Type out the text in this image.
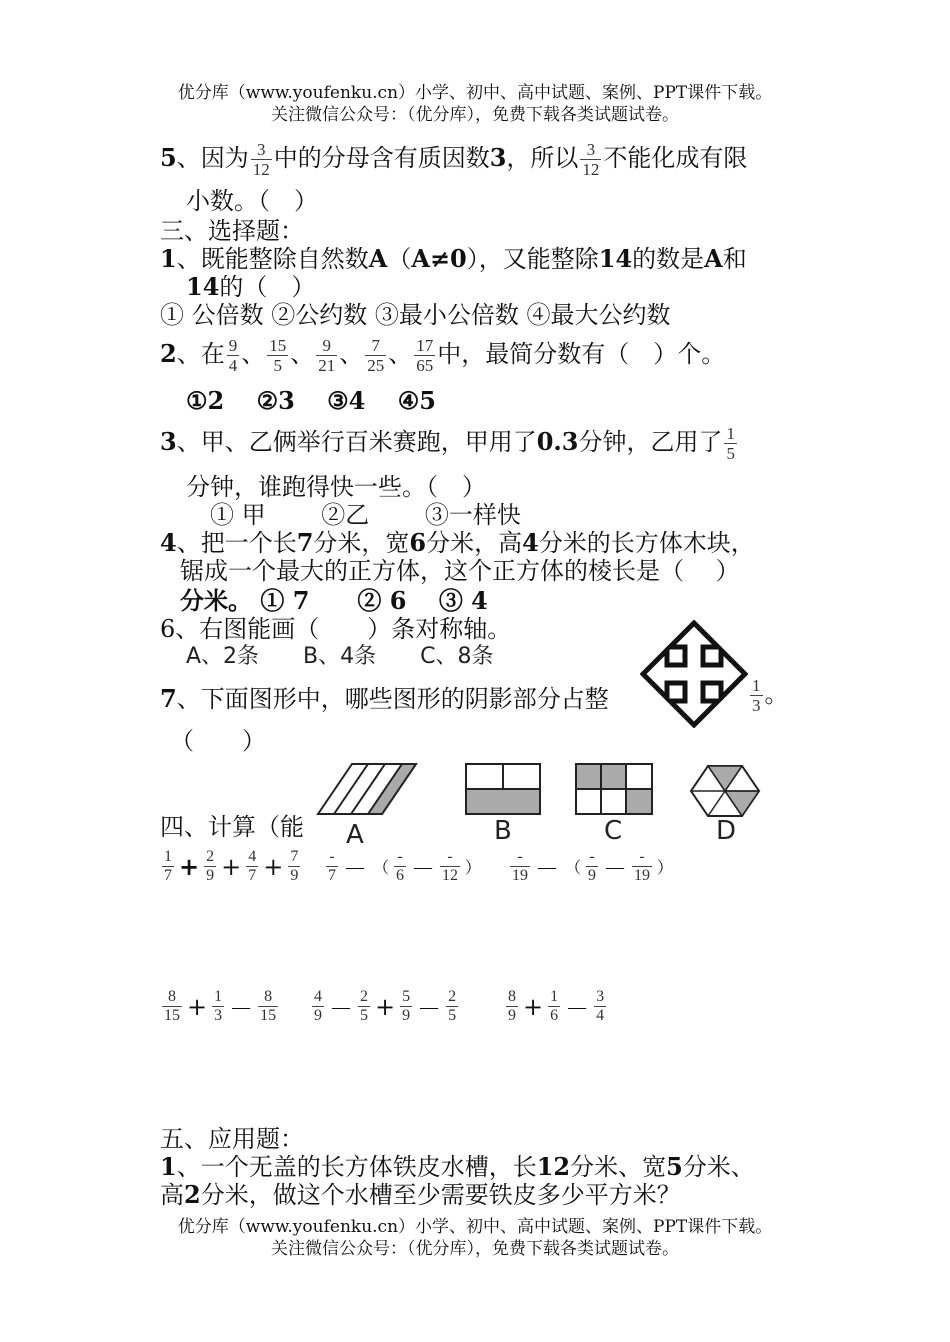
优分库（www.youfenku.cn）小学、初中、高中试题、案例、PPT课件下载。
关注微信公众号：（优分库），免费下载各类试题试卷。
5、因为 $\frac{3}{12}$ 中的分母含有质因数3，所以 $\frac{3}{12}$ 不能化成有限
小数。（　）
三、选择题：
1、既能整除自然数A（A≠0），又能整除14的数是A和
14的（　）
① 公倍数 ②公约数 ③最小公倍数 ④最大公约数
2、在 $\frac{9}{4}$ 、 $\frac{15}{5}$ 、 $\frac{9}{21}$ 、 $\frac{7}{25}$ 、 $\frac{17}{65}$ 中，最简分数有（　）个。
①2　 ②3　 ③4　 ④5
3、甲、乙俩举行百米赛跑，甲用了0.3分钟，乙用了 $\frac{1}{5}$
分钟，谁跑得快一些。（　）
① 甲　　 ②乙　　 ③一样快
4、把一个长7分米，宽6分米，高4分米的长方体木块，
锯成一个最大的正方体，这个正方体的棱长是（　 ）
分米。 ① 7　　② 6　 ③ 4
6、右图能画（　　）条对称轴。
A、2条　　B、4条　　C、8条
7、下面图形中，哪些图形的阴影部分占整	$\frac{1}{3}$ 。
（　　）
四、计算（能 A	B	C	D
$\frac{1}{7} + \frac{2}{9} + \frac{4}{7} + \frac{7}{9} \frac{-}{7}$ － （ $\frac{-}{6} - \frac{-}{12}$ ） $\frac{-}{19}$ － （ $\frac{-}{9} - \frac{-}{19}$ ）
$\frac{8}{15} + \frac{1}{3} - \frac{8}{15} \frac{4}{9} - \frac{2}{5} + \frac{5}{9} - \frac{2}{5}$	$\frac{8}{9} + \frac{1}{6} - \frac{3}{4}$
五、应用题：
1、一个无盖的长方体铁皮水槽，长12分米、宽5分米、
高2分米，做这个水槽至少需要铁皮多少平方米？
优分库（www.youfenku.cn）小学、初中、高中试题、案例、PPT课件下载。
关注微信公众号：（优分库），免费下载各类试题试卷。
